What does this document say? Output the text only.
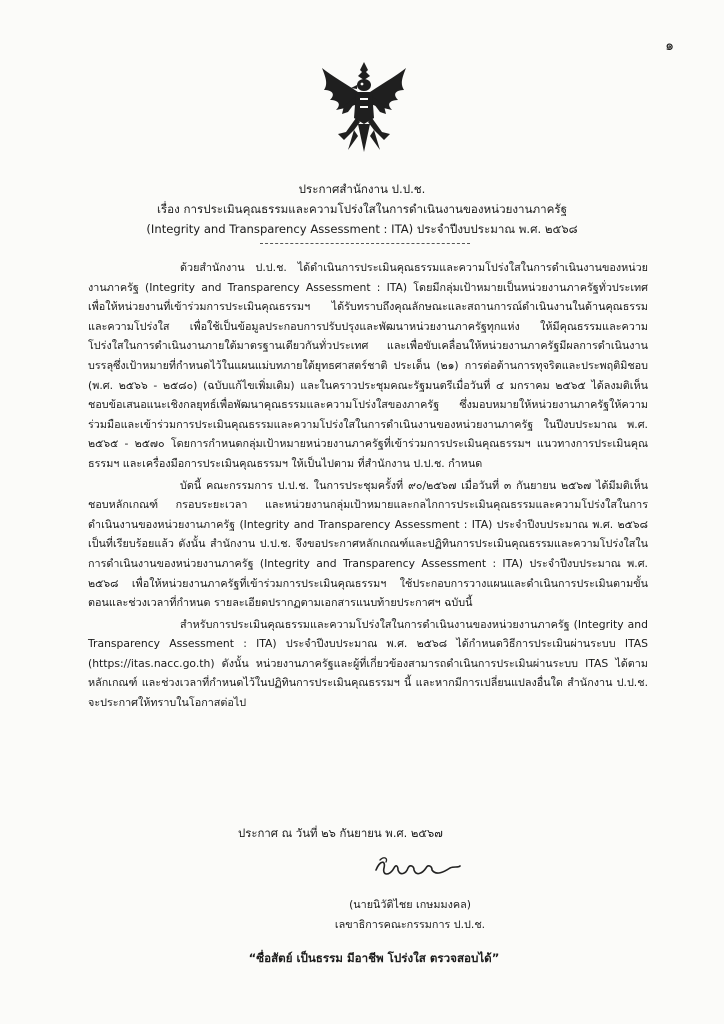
๑
ประกาศสำนักงาน ป.ป.ช.
เรื่อง การประเมินคุณธรรมและความโปร่งใสในการดำเนินงานของหน่วยงานภาครัฐ
(Integrity and Transparency Assessment : ITA) ประจำปีงบประมาณ พ.ศ. ๒๕๖๘

ด้วยสำนักงาน ป.ป.ช. ได้ดำเนินการประเมินคุณธรรมและความโปร่งใสในการดำเนินงานของหน่วยงานภาครัฐ (Integrity and Transparency Assessment : ITA) โดยมีกลุ่มเป้าหมายเป็นหน่วยงานภาครัฐทั่วประเทศ เพื่อให้หน่วยงานที่เข้าร่วมการประเมินคุณธรรมฯ ได้รับทราบถึงคุณลักษณะและสถานการณ์ดำเนินงานในด้านคุณธรรมและความโปร่งใส เพื่อใช้เป็นข้อมูลประกอบการปรับปรุงและพัฒนาหน่วยงานภาครัฐทุกแห่ง ให้มีคุณธรรมและความโปร่งใสในการดำเนินงานภายใต้มาตรฐานเดียวกันทั่วประเทศ และเพื่อขับเคลื่อนให้หน่วยงานภาครัฐมีผลการดำเนินงานบรรลุซึ่งเป้าหมายที่กำหนดไว้ในแผนแม่บทภายใต้ยุทธศาสตร์ชาติ ประเด็น (๒๑) การต่อต้านการทุจริตและประพฤติมิชอบ (พ.ศ. ๒๕๖๖ - ๒๕๘๐) (ฉบับแก้ไขเพิ่มเติม) และในคราวประชุมคณะรัฐมนตรีเมื่อวันที่ ๔ มกราคม ๒๕๖๕ ได้ลงมติเห็นชอบข้อเสนอแนะเชิงกลยุทธ์เพื่อพัฒนาคุณธรรมและความโปร่งใสของภาครัฐ ซึ่งมอบหมายให้หน่วยงานภาครัฐให้ความร่วมมือและเข้าร่วมการประเมินคุณธรรมและความโปร่งใสในการดำเนินงานของหน่วยงานภาครัฐ ในปีงบประมาณ พ.ศ. ๒๕๖๕ - ๒๕๗๐ โดยการกำหนดกลุ่มเป้าหมายหน่วยงานภาครัฐที่เข้าร่วมการประเมินคุณธรรมฯ แนวทางการประเมินคุณธรรมฯ และเครื่องมือการประเมินคุณธรรมฯ ให้เป็นไปตาม ที่สำนักงาน ป.ป.ช. กำหนด

บัดนี้ คณะกรรมการ ป.ป.ช. ในการประชุมครั้งที่ ๙๐/๒๕๖๗ เมื่อวันที่ ๓ กันยายน ๒๕๖๗ ได้มีมติเห็นชอบหลักเกณฑ์ กรอบระยะเวลา และหน่วยงานกลุ่มเป้าหมายและกลไกการประเมินคุณธรรมและความโปร่งใสในการดำเนินงานของหน่วยงานภาครัฐ (Integrity and Transparency Assessment : ITA) ประจำปีงบประมาณ พ.ศ. ๒๕๖๘ เป็นที่เรียบร้อยแล้ว ดังนั้น สำนักงาน ป.ป.ช. จึงขอประกาศหลักเกณฑ์และปฏิทินการประเมินคุณธรรมและความโปร่งใสในการดำเนินงานของหน่วยงานภาครัฐ (Integrity and Transparency Assessment : ITA) ประจำปีงบประมาณ พ.ศ. ๒๕๖๘ เพื่อให้หน่วยงานภาครัฐที่เข้าร่วมการประเมินคุณธรรมฯ ใช้ประกอบการวางแผนและดำเนินการประเมินตามขั้นตอนและช่วงเวลาที่กำหนด รายละเอียดปรากฏตามเอกสารแนบท้ายประกาศฯ ฉบับนี้

สำหรับการประเมินคุณธรรมและความโปร่งใสในการดำเนินงานของหน่วยงานภาครัฐ (Integrity and Transparency Assessment : ITA) ประจำปีงบประมาณ พ.ศ. ๒๕๖๘ ได้กำหนดวิธีการประเมินผ่านระบบ ITAS (https://itas.nacc.go.th) ดังนั้น หน่วยงานภาครัฐและผู้ที่เกี่ยวข้องสามารถดำเนินการประเมินผ่านระบบ ITAS ได้ตามหลักเกณฑ์ และช่วงเวลาที่กำหนดไว้ในปฏิทินการประเมินคุณธรรมฯ นี้ และหากมีการเปลี่ยนแปลงอื่นใด สำนักงาน ป.ป.ช. จะประกาศให้ทราบในโอกาสต่อไป

ประกาศ ณ วันที่ ๒๖ กันยายน พ.ศ. ๒๕๖๗
(นายนิวัติไชย เกษมมงคล)
เลขาธิการคณะกรรมการ ป.ป.ช.
“ซื่อสัตย์ เป็นธรรม มีอาชีพ โปร่งใส ตรวจสอบได้”
